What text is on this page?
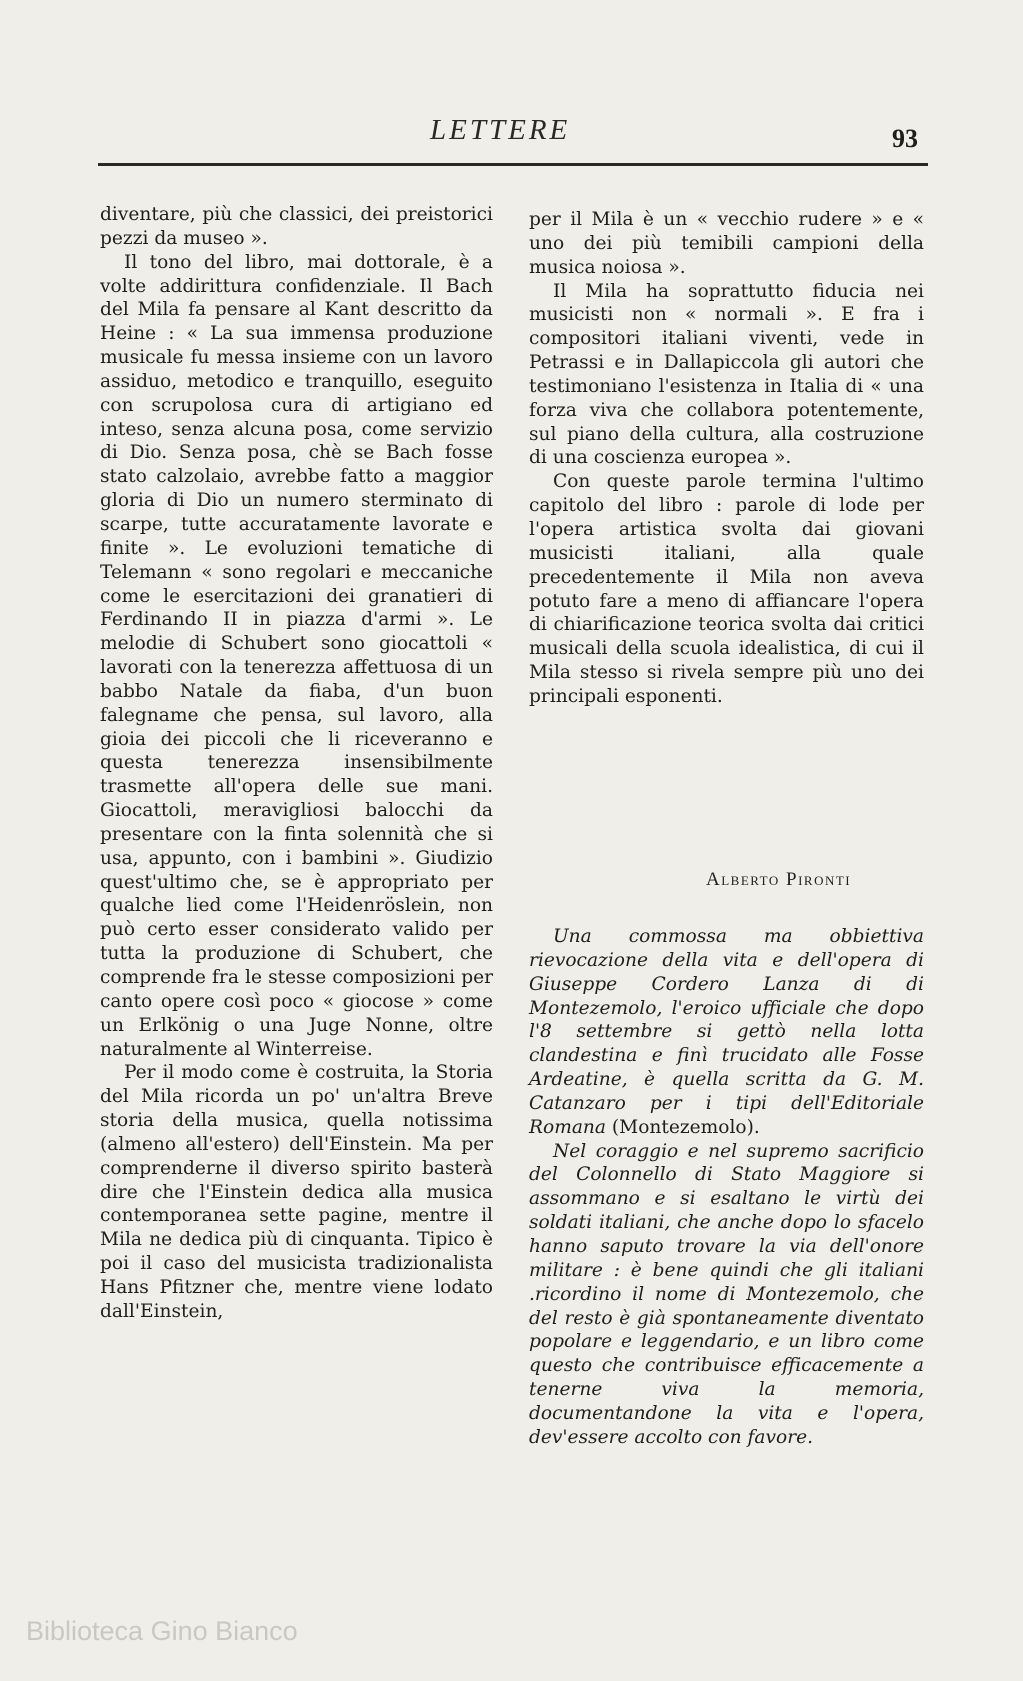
LETTERE	93

diventare, più che classici, dei preistorici pezzi da museo ».

Il tono del libro, mai dottorale, è a volte addirittura confidenziale. Il Bach del Mila fa pensare al Kant descritto da Heine : « La sua immensa produzione musicale fu messa insieme con un lavoro assiduo, metodico e tranquillo, eseguito con scrupolosa cura di artigiano ed inteso, senza alcuna posa, come servizio di Dio. Senza posa, chè se Bach fosse stato calzolaio, avrebbe fatto a maggior gloria di Dio un numero sterminato di scarpe, tutte accuratamente lavorate e finite ». Le evoluzioni tematiche di Telemann « sono regolari e meccaniche come le esercitazioni dei granatieri di Ferdinando II in piazza d'armi ». Le melodie di Schubert sono giocattoli « lavorati con la tenerezza affettuosa di un babbo Natale da fiaba, d'un buon falegname che pensa, sul lavoro, alla gioia dei piccoli che li riceveranno e questa tenerezza insensibilmente trasmette all'opera delle sue mani. Giocattoli, meravigliosi balocchi da presentare con la finta solennità che si usa, appunto, con i bambini ». Giudizio quest'ultimo che, se è appropriato per qualche lied come l'Heidenröslein, non può certo esser considerato valido per tutta la produzione di Schubert, che comprende fra le stesse composizioni per canto opere così poco « giocose » come un Erlkönig o una Juge Nonne, oltre naturalmente al Winterreise.

Per il modo come è costruita, la Storia del Mila ricorda un po' un'altra Breve storia della musica, quella notissima (almeno all'estero) dell'Einstein. Ma per comprenderne il diverso spirito basterà dire che l'Einstein dedica alla musica contemporanea sette pagine, mentre il Mila ne dedica più di cinquanta. Tipico è poi il caso del musicista tradizionalista Hans Pfitzner che, mentre viene lodato dall'Einstein,

per il Mila è un « vecchio rudere » e « uno dei più temibili campioni della musica noiosa ».

Il Mila ha soprattutto fiducia nei musicisti non « normali ». E fra i compositori italiani viventi, vede in Petrassi e in Dallapiccola gli autori che testimoniano l'esistenza in Italia di « una forza viva che collabora potentemente, sul piano della cultura, alla costruzione di una coscienza europea ».

Con queste parole termina l'ultimo capitolo del libro : parole di lode per l'opera artistica svolta dai giovani musicisti italiani, alla quale precedentemente il Mila non aveva potuto fare a meno di affiancare l'opera di chiarificazione teorica svolta dai critici musicali della scuola idealistica, di cui il Mila stesso si rivela sempre più uno dei principali esponenti.

Alberto Pironti

Una commossa ma obbiettiva rievocazione della vita e dell'opera di Giuseppe Cordero Lanza di di Montezemolo, l'eroico ufficiale che dopo l'8 settembre si gettò nella lotta clandestina e finì trucidato alle Fosse Ardeatine, è quella scritta da G. M. Catanzaro per i tipi dell'Editoriale Romana (Montezemolo).

Nel coraggio e nel supremo sacrificio del Colonnello di Stato Maggiore si assommano e si esaltano le virtù dei soldati italiani, che anche dopo lo sfacelo hanno saputo trovare la via dell'onore militare : è bene quindi che gli italiani .ricordino il nome di Montezemolo, che del resto è già spontaneamente diventato popolare e leggendario, e un libro come questo che contribuisce efficacemente a tenerne viva la memoria, documentandone la vita e l'opera, dev'essere accolto con favore.

Biblioteca Gino Bianco
